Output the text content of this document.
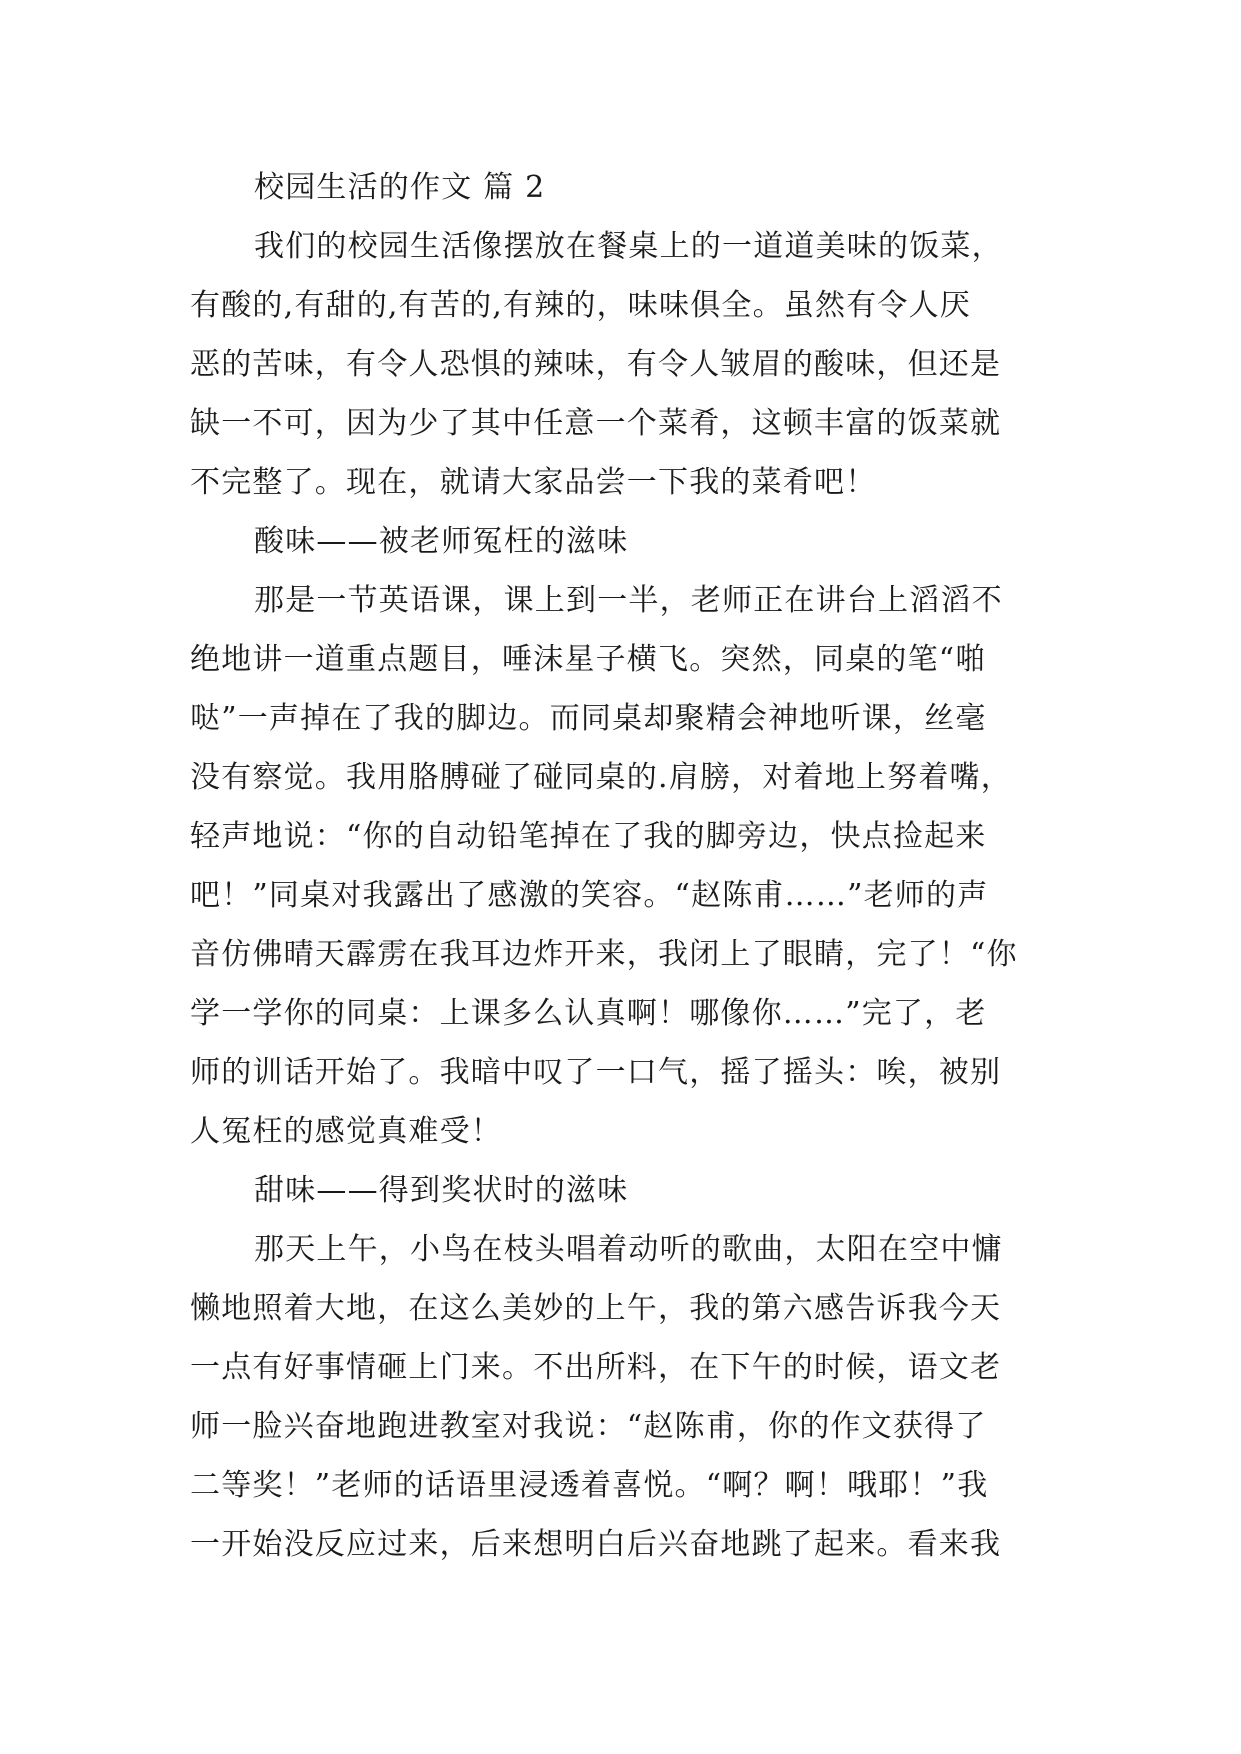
校园生活的作文 篇 2
我们的校园生活像摆放在餐桌上的一道道美味的饭菜，
有酸的,有甜的,有苦的,有辣的，味味俱全。虽然有令人厌
恶的苦味，有令人恐惧的辣味，有令人皱眉的酸味，但还是
缺一不可，因为少了其中任意一个菜肴，这顿丰富的饭菜就
不完整了。现在，就请大家品尝一下我的菜肴吧！
酸味——被老师冤枉的滋味
那是一节英语课，课上到一半，老师正在讲台上滔滔不
绝地讲一道重点题目，唾沫星子横飞。突然，同桌的笔“啪
哒”一声掉在了我的脚边。而同桌却聚精会神地听课，丝毫
没有察觉。我用胳膊碰了碰同桌的.肩膀，对着地上努着嘴，
轻声地说：“你的自动铅笔掉在了我的脚旁边，快点捡起来
吧！”同桌对我露出了感激的笑容。“赵陈甫……”老师的声
音仿佛晴天霹雳在我耳边炸开来，我闭上了眼睛，完了！“你
学一学你的同桌：上课多么认真啊！哪像你……”完了，老
师的训话开始了。我暗中叹了一口气，摇了摇头：唉，被别
人冤枉的感觉真难受！
甜味——得到奖状时的滋味
那天上午，小鸟在枝头唱着动听的歌曲，太阳在空中慵
懒地照着大地，在这么美妙的上午，我的第六感告诉我今天
一点有好事情砸上门来。不出所料，在下午的时候，语文老
师一脸兴奋地跑进教室对我说：“赵陈甫，你的作文获得了
二等奖！”老师的话语里浸透着喜悦。“啊？啊！哦耶！”我
一开始没反应过来，后来想明白后兴奋地跳了起来。看来我
